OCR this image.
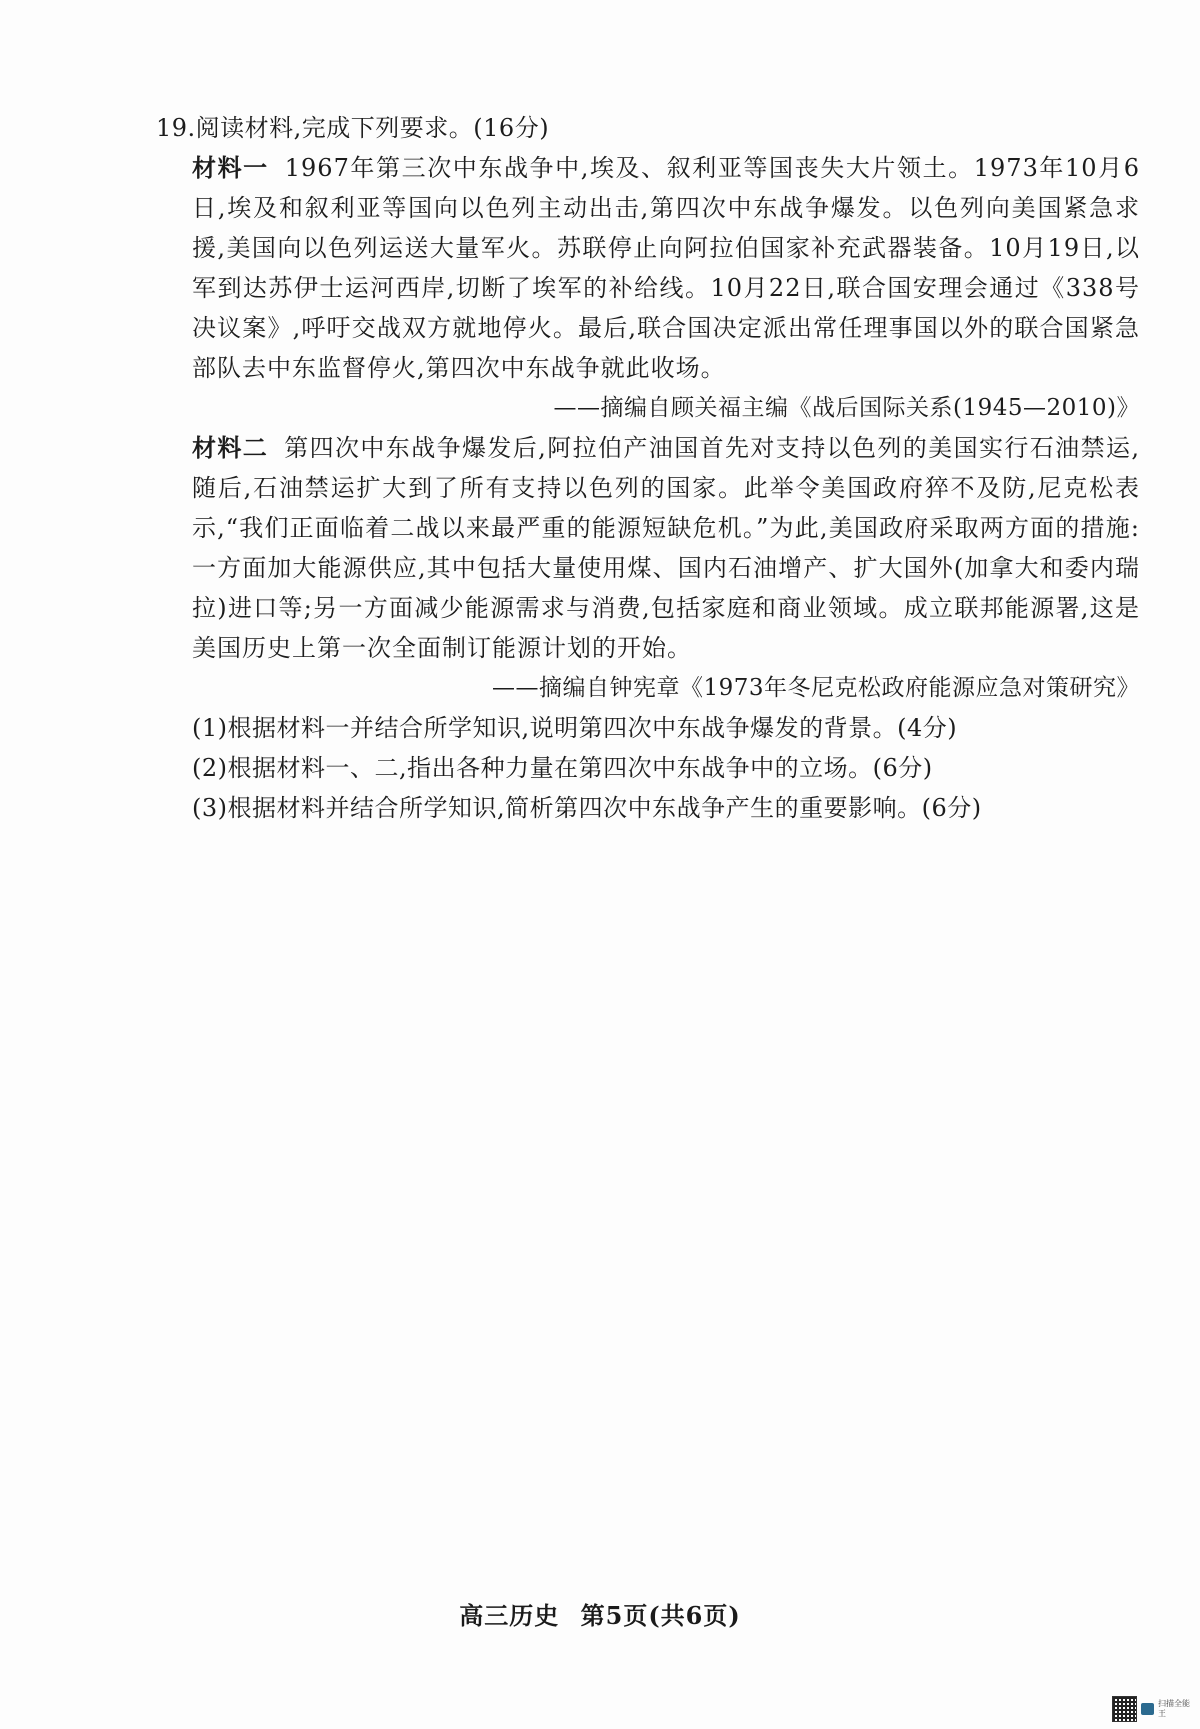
19.阅读材料,完成下列要求。(16分)
材料一 1967年第三次中东战争中,埃及、叙利亚等国丧失大片领土。1973年10月6日,埃及和叙利亚等国向以色列主动出击,第四次中东战争爆发。以色列向美国紧急求援,美国向以色列运送大量军火。苏联停止向阿拉伯国家补充武器装备。10月19日,以军到达苏伊士运河西岸,切断了埃军的补给线。10月22日,联合国安理会通过《338号决议案》,呼吁交战双方就地停火。最后,联合国决定派出常任理事国以外的联合国紧急部队去中东监督停火,第四次中东战争就此收场。
——摘编自顾关福主编《战后国际关系(1945—2010)》
材料二 第四次中东战争爆发后,阿拉伯产油国首先对支持以色列的美国实行石油禁运,随后,石油禁运扩大到了所有支持以色列的国家。此举令美国政府猝不及防,尼克松表示,“我们正面临着二战以来最严重的能源短缺危机。”为此,美国政府采取两方面的措施:一方面加大能源供应,其中包括大量使用煤、国内石油增产、扩大国外(加拿大和委内瑞拉)进口等;另一方面减少能源需求与消费,包括家庭和商业领域。成立联邦能源署,这是美国历史上第一次全面制订能源计划的开始。
——摘编自钟宪章《1973年冬尼克松政府能源应急对策研究》
(1)根据材料一并结合所学知识,说明第四次中东战争爆发的背景。(4分)
(2)根据材料一、二,指出各种力量在第四次中东战争中的立场。(6分)
(3)根据材料并结合所学知识,简析第四次中东战争产生的重要影响。(6分)
高三历史 第5页(共6页)
扫描全能王
